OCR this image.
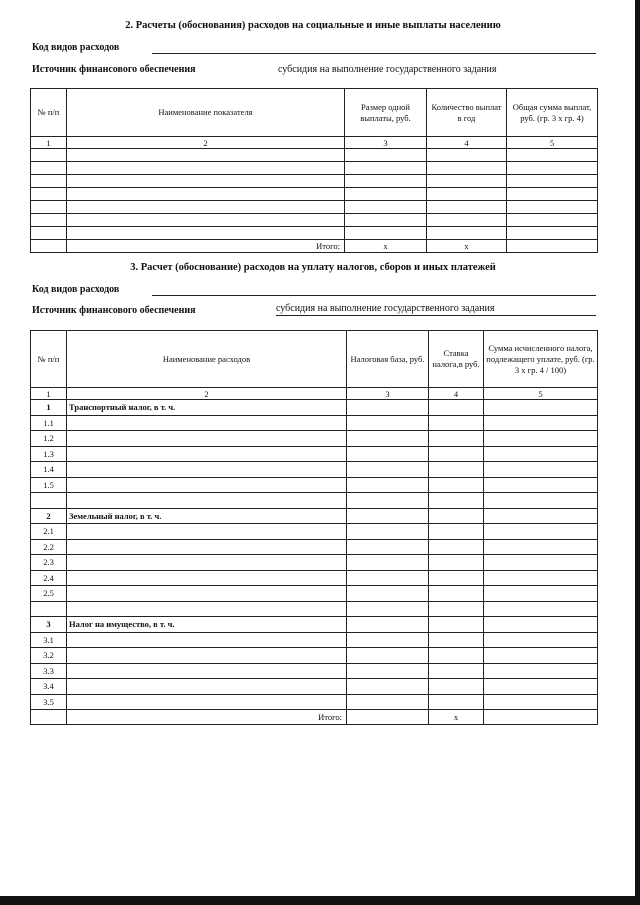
2. Расчеты (обоснования) расходов на социальные и иные выплаты населению
Код видов расходов
Источник финансового обеспечения	субсидия на выполнение государственного задания
№ п/п	Наименование показателя	Размер одной выплаты, руб.	Количество выплат в год	Общая сумма выплат, руб. (гр. 3 х гр. 4)
1	2	3	4	5

	Итого:	x	x	
3. Расчет (обоснование) расходов на уплату налогов, сборов и иных платежей
Код видов расходов
Источник финансового обеспечения	субсидия на выполнение государственного задания
№ п/п	Наименование расходов	Налоговая база, руб.	Ставка налога,в руб.	Сумма исчисленного налога, подлежащего уплате, руб. (гр. 3 х гр. 4 / 100)
1	2	3	4	5
1	Транспортный налог, в т. ч.			
1.1				
1.2				
1.3				
1.4				
1.5				

2	Земельный налог, в т. ч.			
2.1				
2.2				
2.3				
2.4				
2.5				

3	Налог на имущество, в т. ч.			
3.1				
3.2				
3.3				
3.4				
3.5				
	Итого:		x	
